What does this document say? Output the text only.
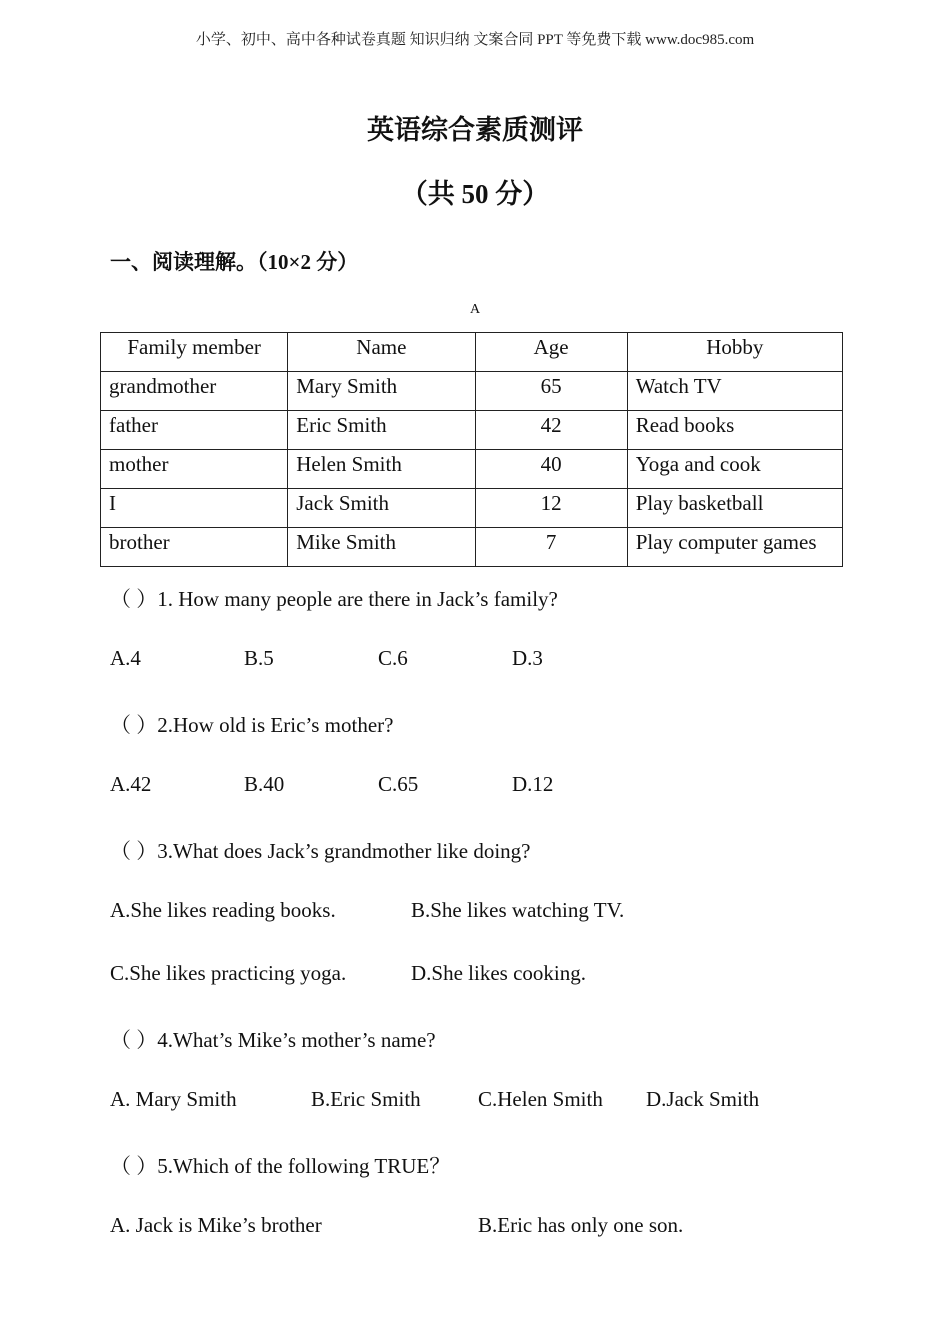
小学、初中、高中各种试卷真题 知识归纳 文案合同 PPT 等免费下载 www.doc985.com
英语综合素质测评
（共 50 分）
一、阅读理解。（10×2 分）
A
Family member	Name	Age	Hobby
grandmother	Mary Smith	65	Watch TV
father	Eric Smith	42	Read books
mother	Helen Smith	40	Yoga and cook
I	Jack Smith	12	Play basketball
brother	Mike Smith	7	Play computer games
（ ）1. How many people are there in Jack’s family?
A.4	B.5	C.6	D.3
（ ）2.How old is Eric’s mother?
A.42	B.40	C.65	D.12
（ ）3.What does Jack’s grandmother like doing?
A.She likes reading books.	B.She likes watching TV.
C.She likes practicing yoga.	D.She likes cooking.
（ ）4.What’s Mike’s mother’s name?
A. Mary Smith	B.Eric Smith	C.Helen Smith D.Jack Smith
（ ）5.Which of the following TRUE？
A. Jack is Mike’s brother	B.Eric has only one son.
